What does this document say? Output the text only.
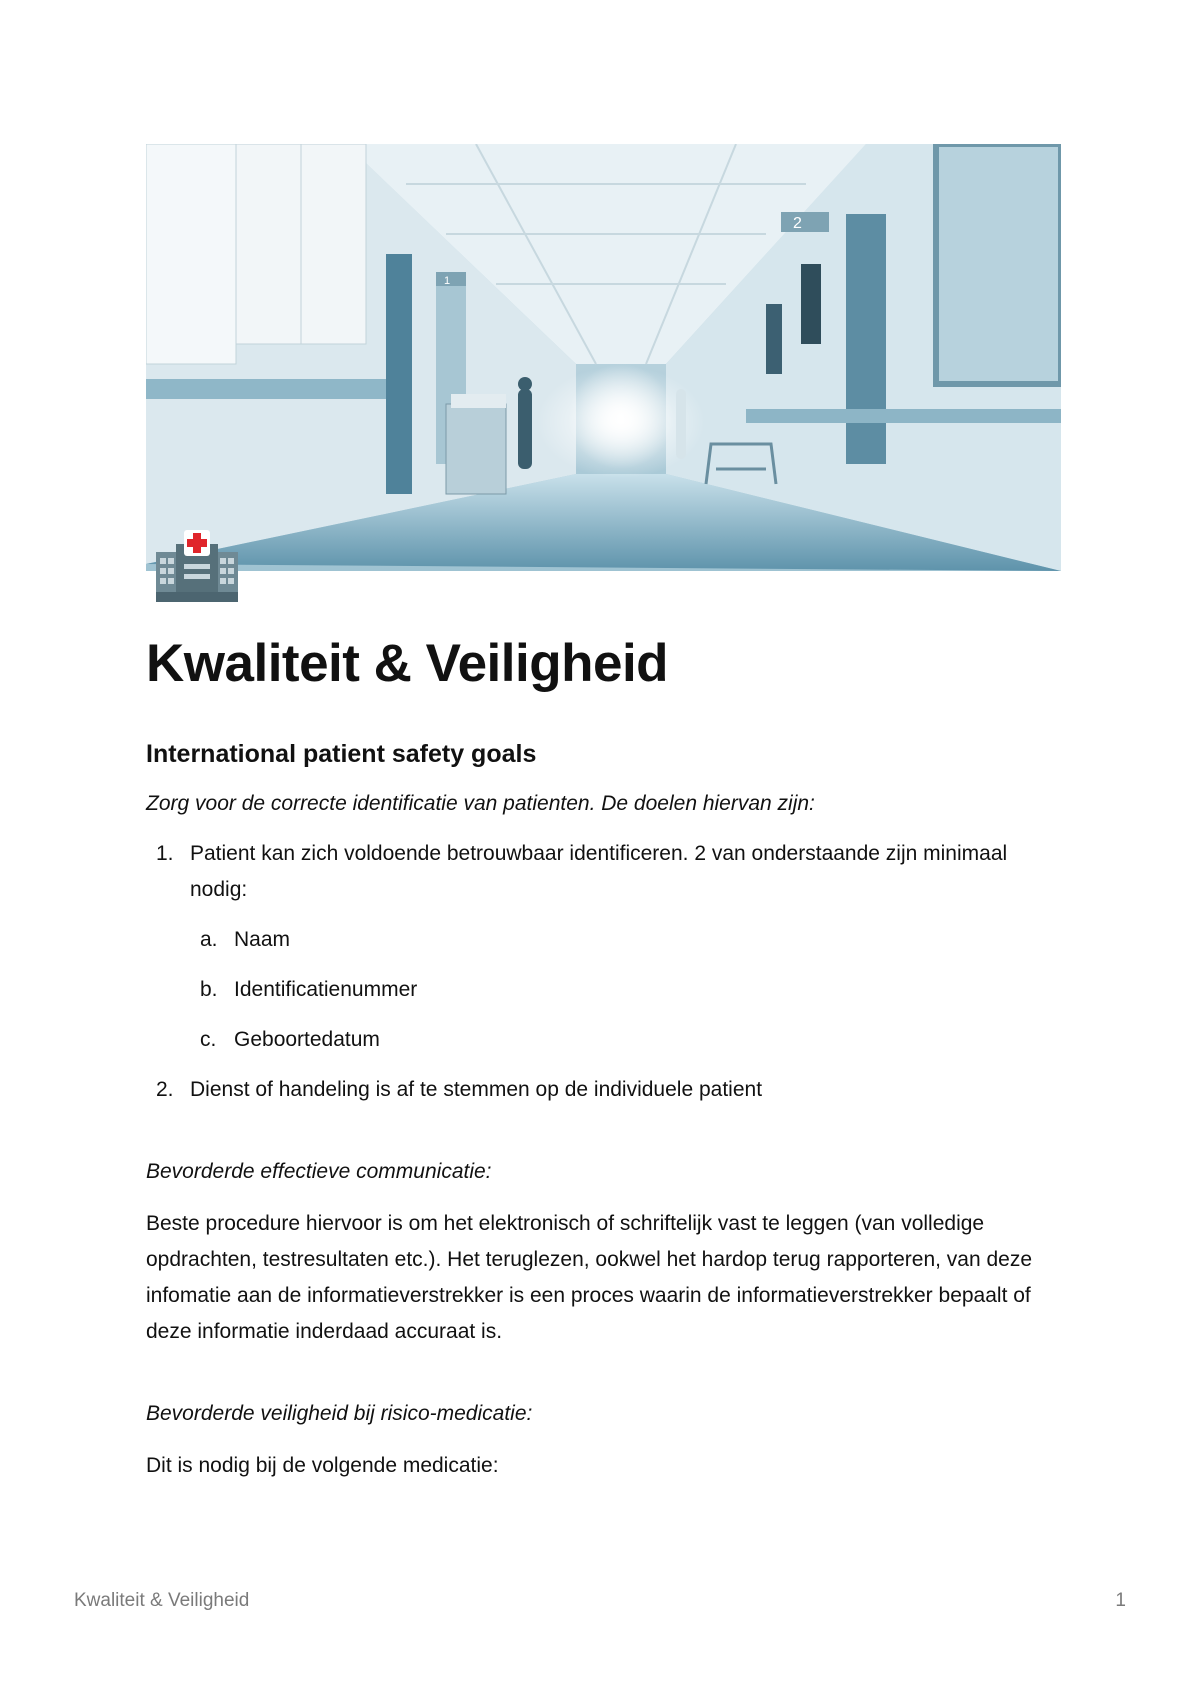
2
1
Kwaliteit & Veiligheid
International patient safety goals

Zorg voor de correcte identificatie van patienten. De doelen hiervan zijn:

1. Patient kan zich voldoende betrouwbaar identificeren. 2 van onderstaande zijn minimaal nodig:
a. Naam
b. Identificatienummer
c. Geboortedatum
2. Dienst of handeling is af te stemmen op de individuele patient

Bevorderde effectieve communicatie:

Beste procedure hiervoor is om het elektronisch of schriftelijk vast te leggen (van volledige opdrachten, testresultaten etc.). Het teruglezen, ookwel het hardop terug rapporteren, van deze infomatie aan de informatieverstrekker is een proces waarin de informatieverstrekker bepaalt of deze informatie inderdaad accuraat is.

Bevorderde veiligheid bij risico-medicatie:

Dit is nodig bij de volgende medicatie:

Kwaliteit & Veiligheid	1
